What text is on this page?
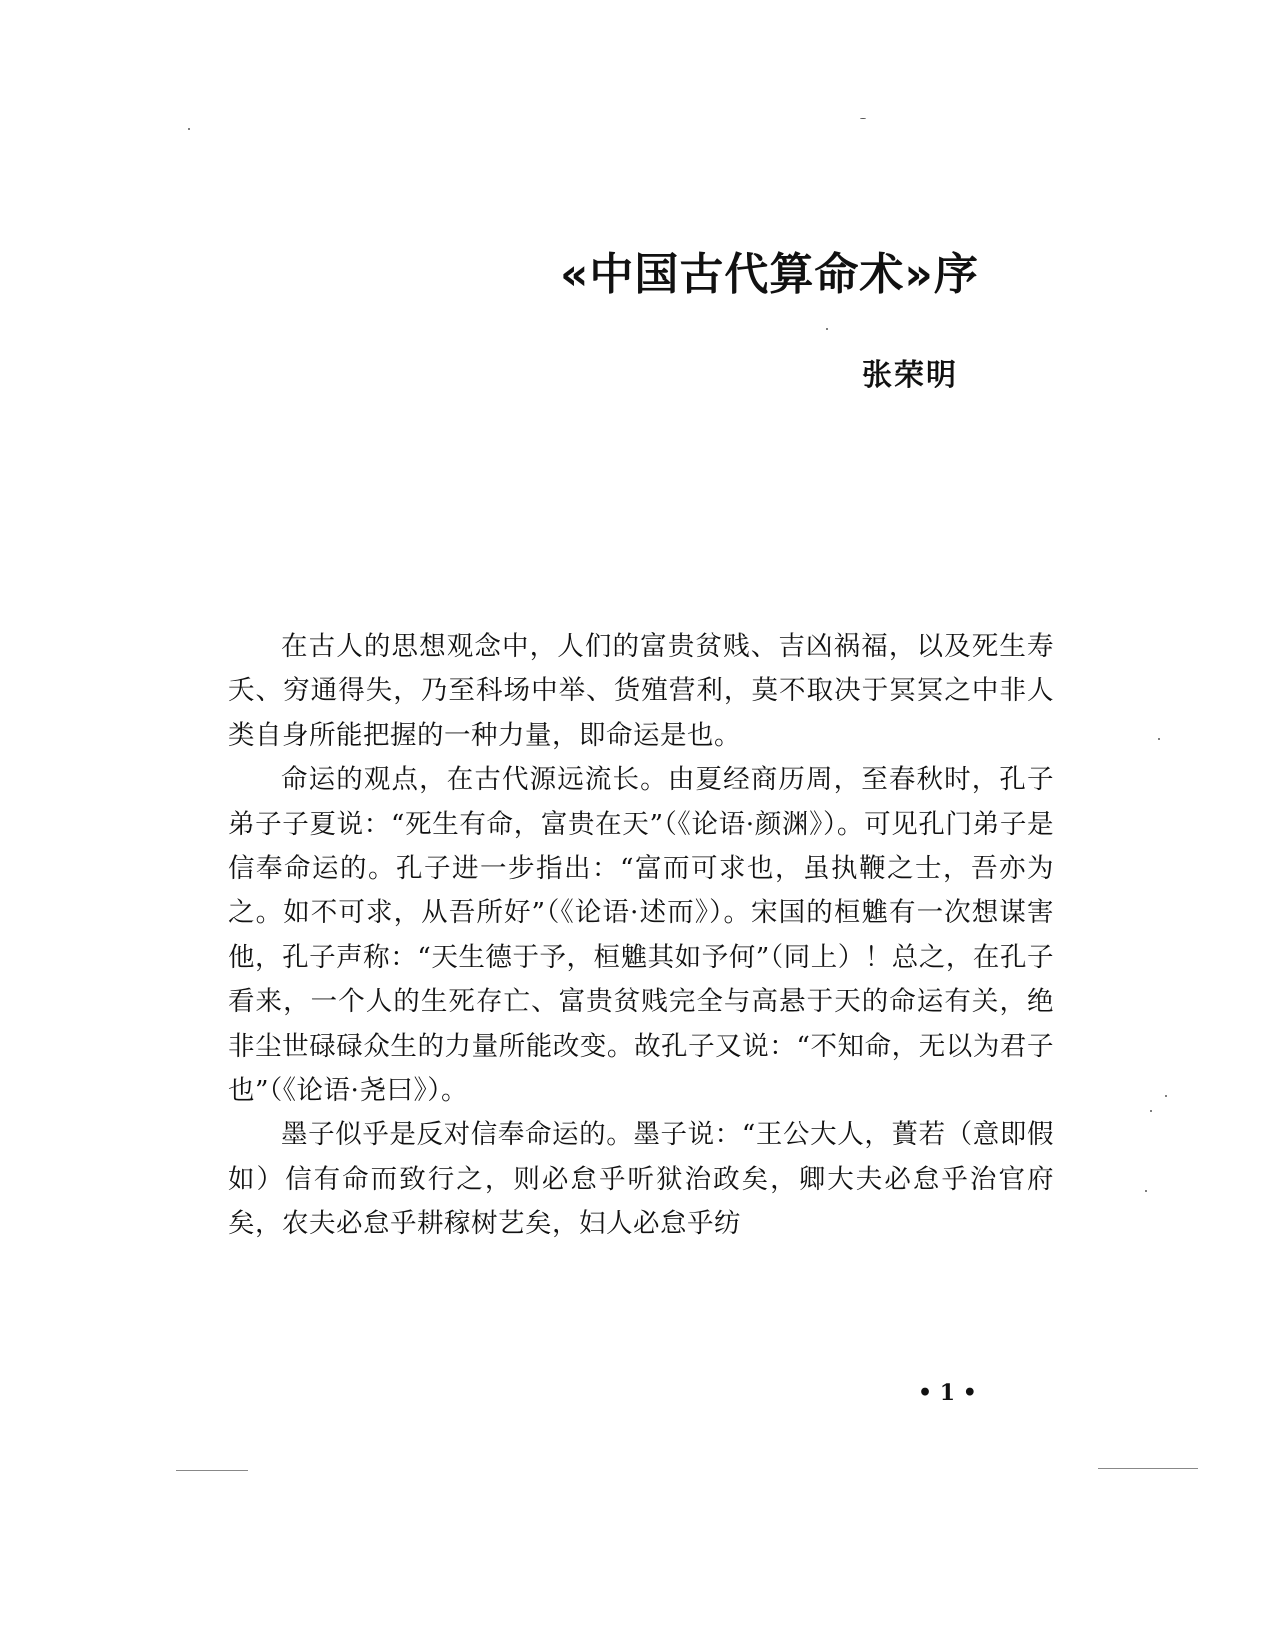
«中国古代算命术»序
张荣明

在古人的思想观念中，人们的富贵贫贱、吉凶祸福，以及死生寿夭、穷通得失，乃至科场中举、货殖营利，莫不取决于冥冥之中非人类自身所能把握的一种力量，即命运是也。

命运的观点，在古代源远流长。由夏经商历周，至春秋时，孔子弟子子夏说：“死生有命，富贵在天”（《论语·颜渊》）。可见孔门弟子是信奉命运的。孔子进一步指出：“富而可求也，虽执鞭之士，吾亦为之。如不可求，从吾所好”（《论语·述而》）。宋国的桓魋有一次想谋害他，孔子声称：“天生德于予，桓魋其如予何”（同上）！总之，在孔子看来，一个人的生死存亡、富贵贫贱完全与高悬于天的命运有关，绝非尘世碌碌众生的力量所能改变。故孔子又说：“不知命，无以为君子也”（《论语·尧曰》）。

墨子似乎是反对信奉命运的。墨子说：“王公大人，蕢若（意即假如）信有命而致行之，则必怠乎听狱治政矣，卿大夫必怠乎治官府矣，农夫必怠乎耕稼树艺矣，妇人必怠乎纺

• 1 •
